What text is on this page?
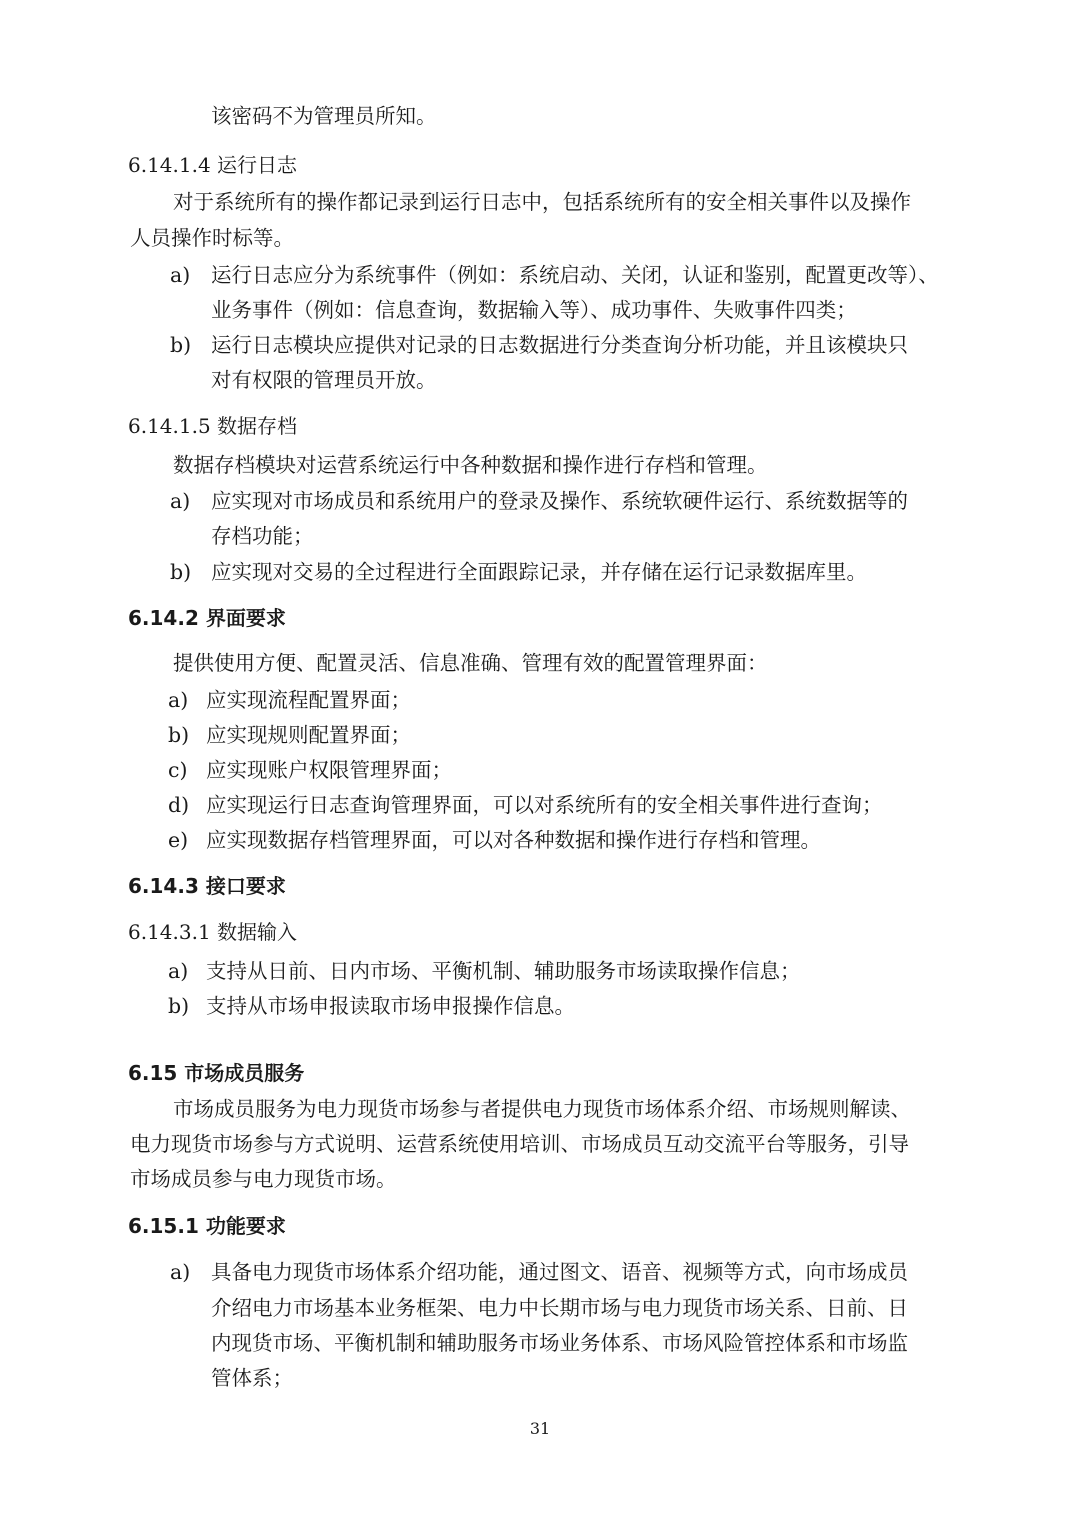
该密码不为管理员所知。
6.14.1.4 运行日志
对于系统所有的操作都记录到运行日志中，包括系统所有的安全相关事件以及操作
人员操作时标等。
a) 运行日志应分为系统事件（例如：系统启动、关闭，认证和鉴别，配置更改等）、
业务事件（例如：信息查询，数据输入等）、成功事件、失败事件四类；
b) 运行日志模块应提供对记录的日志数据进行分类查询分析功能，并且该模块只
对有权限的管理员开放。
6.14.1.5 数据存档
数据存档模块对运营系统运行中各种数据和操作进行存档和管理。
a) 应实现对市场成员和系统用户的登录及操作、系统软硬件运行、系统数据等的
存档功能；
b) 应实现对交易的全过程进行全面跟踪记录，并存储在运行记录数据库里。
6.14.2 界面要求
提供使用方便、配置灵活、信息准确、管理有效的配置管理界面：
a) 应实现流程配置界面；
b) 应实现规则配置界面；
c) 应实现账户权限管理界面；
d) 应实现运行日志查询管理界面，可以对系统所有的安全相关事件进行查询；
e) 应实现数据存档管理界面，可以对各种数据和操作进行存档和管理。
6.14.3 接口要求
6.14.3.1 数据输入
a) 支持从日前、日内市场、平衡机制、辅助服务市场读取操作信息；
b) 支持从市场申报读取市场申报操作信息。
6.15 市场成员服务
市场成员服务为电力现货市场参与者提供电力现货市场体系介绍、市场规则解读、
电力现货市场参与方式说明、运营系统使用培训、市场成员互动交流平台等服务，引导
市场成员参与电力现货市场。
6.15.1 功能要求
a) 具备电力现货市场体系介绍功能，通过图文、语音、视频等方式，向市场成员
介绍电力市场基本业务框架、电力中长期市场与电力现货市场关系、日前、日
内现货市场、平衡机制和辅助服务市场业务体系、市场风险管控体系和市场监
管体系；
31
